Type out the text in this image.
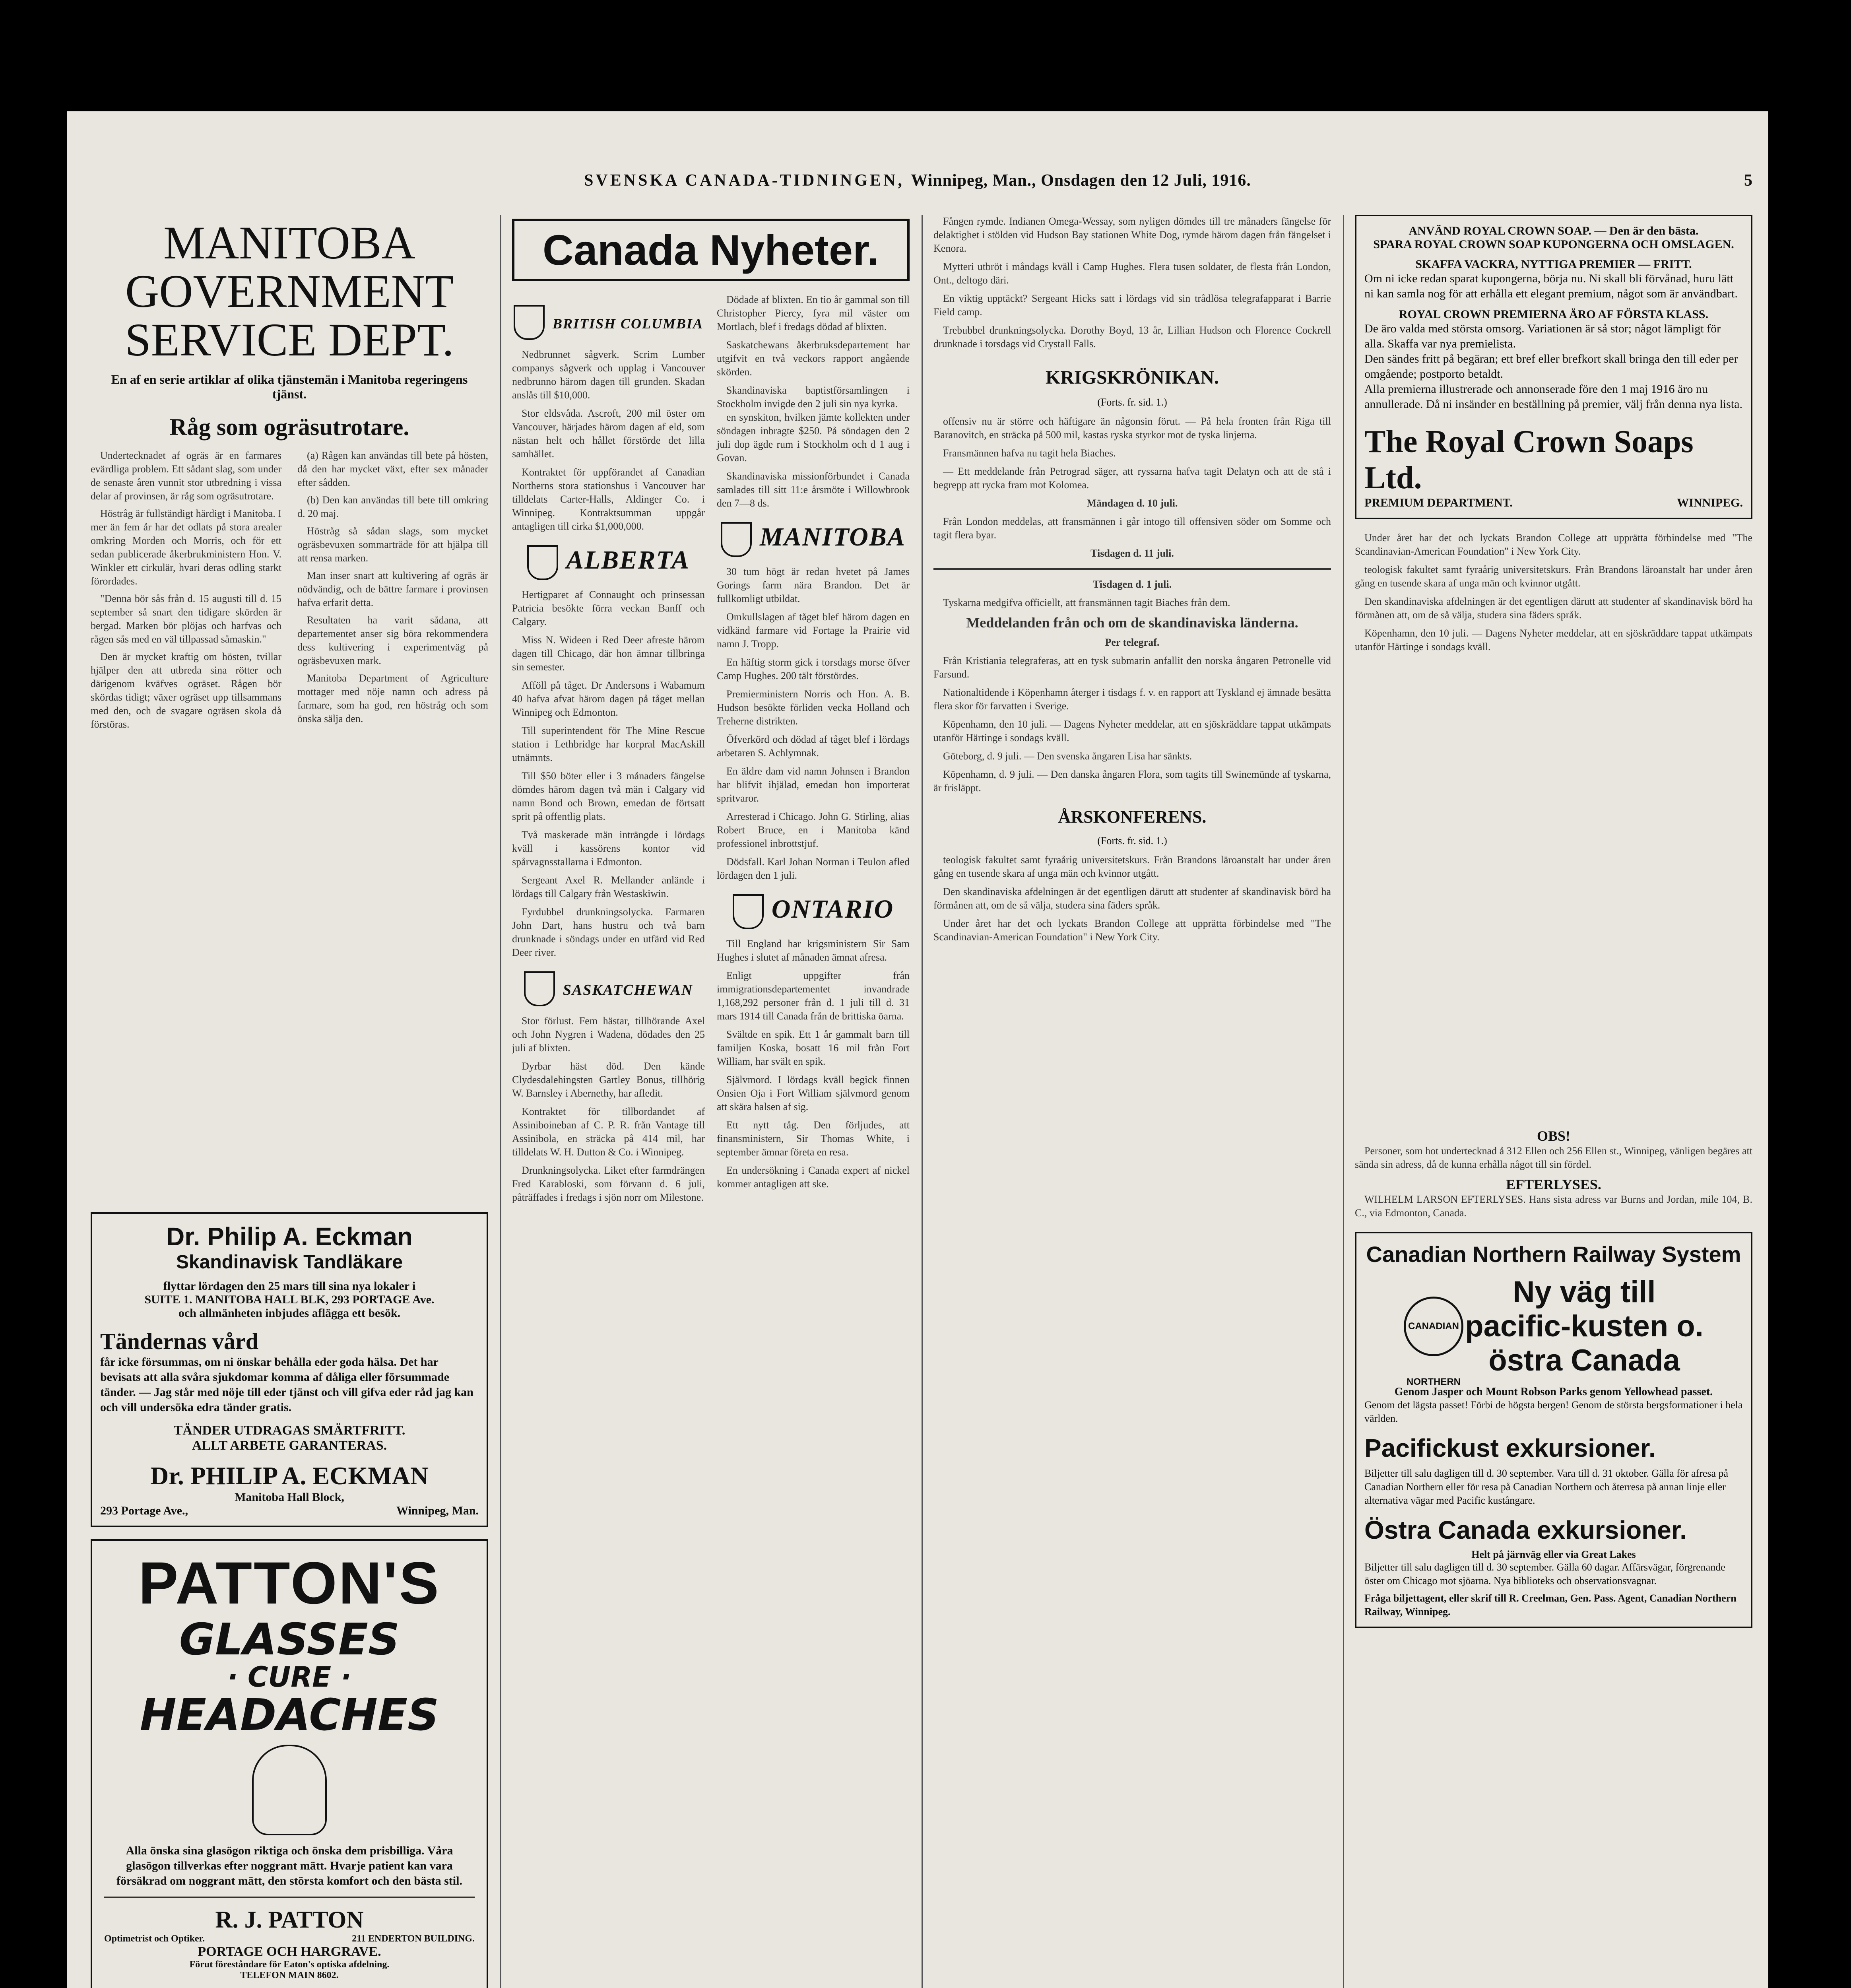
SVENSKA CANADA-TIDNINGEN, Winnipeg, Man., Onsdagen den 12 Juli, 1916.	5
MANITOBA
GOVERNMENT
SERVICE DEPT.
En af en serie artiklar af olika tjänstemän i Manitoba regeringens tjänst.
Råg som ogräsutrotare.

Undertecknadet af ogräs är en farmares evärdliga problem. Ett sådant slag, som under de senaste åren vunnit stor utbredning i vissa delar af provinsen, är råg som ogräsutrotare.

Höstråg är fullständigt härdigt i Manitoba. I mer än fem år har det odlats på stora arealer omkring Morden och Morris, och för ett sedan publicerade åkerbrukministern Hon. V. Winkler ett cirkulär, hvari deras odling starkt förordades.

"Denna bör sås från d. 15 augusti till d. 15 september så snart den tidigare skörden är bergad. Marken bör plöjas och harfvas och rågen sås med en väl tillpassad såmaskin."

Den är mycket kraftig om hösten, tvillar hjälper den att utbreda sina rötter och därigenom kväfves ogräset. Rågen bör skördas tidigt; växer ogräset upp tillsammans med den, och de svagare ogräsen skola då förstöras.

(a) Rågen kan användas till bete på hösten, då den har mycket växt, efter sex månader efter sådden.

(b) Den kan användas till bete till omkring d. 20 maj.

Höstråg så sådan slags, som mycket ogräsbevuxen sommarträde för att hjälpa till att rensa marken.

Man inser snart att kultivering af ogräs är nödvändig, och de bättre farmare i provinsen hafva erfarit detta.

Resultaten ha varit sådana, att departementet anser sig böra rekommendera dess kultivering i experimentväg på ogräsbevuxen mark.

Manitoba Department of Agriculture mottager med nöje namn och adress på farmare, som ha god, ren höstråg och som önska sälja den.

Dr. Philip A. Eckman
Skandinavisk Tandläkare
flyttar lördagen den 25 mars till sina nya lokaler i
SUITE 1. MANITOBA HALL BLK, 293 PORTAGE Ave.
och allmänheten inbjudes afläggа ett besök.
Tändernas vård
får icke försummas, om ni önskar behålla eder goda hälsa. Det har bevisats att alla svåra sjukdomar komma af dåliga eller försummade tänder. — Jag står med nöje till eder tjänst och vill gifva eder råd jag kan och vill undersöka edra tänder gratis.
TÄNDER UTDRAGAS SMÄRTFRITT.
ALLT ARBETE GARANTERAS.
Dr. PHILIP A. ECKMAN
Manitoba Hall Block,
293 Portage Ave.,	Winnipeg, Man.
PATTON'S
GLASSES
· CURE ·
HEADACHES
Alla önska sina glasögon riktiga och önska dem prisbilliga. Våra glasögon tillverkas efter noggrant mätt. Hvarje patient kan vara försäkrad om noggrant mätt, den största komfort och den bästa stil.
R. J. PATTON
Optimetrist och Optiker.	211 ENDERTON BUILDING.
PORTAGE OCH HARGRAVE.
Förut föreståndare för Eaton's optiska afdelning.
TELEFON MAIN 8602.
Canada Nyheter.
BRITISH COLUMBIA

Nedbrunnet sågverk. Scrim Lumber companys sågverk och upplag i Vancouver nedbrunno härom dagen till grunden. Skadan anslås till $10,000.

Stor eldsvåda. Ascroft, 200 mil öster om Vancouver, härjades härom dagen af eld, som nästan helt och hållet förstörde det lilla samhället.

Kontraktet för uppförandet af Canadian Northerns stora stationshus i Vancouver har tilldelats Carter-Halls, Aldinger Co. i Winnipeg. Kontraktsumman uppgår antagligen till cirka $1,000,000.

ALBERTA

Hertigparet af Connaught och prinsessan Patricia besökte förra veckan Banff och Calgary.

Miss N. Wideen i Red Deer afreste härom dagen till Chicago, där hon ämnar tillbringa sin semester.

Afföll på tåget. Dr Andersons i Wabamum 40 hafva afvat härom dagen på tåget mellan Winnipeg och Edmonton.

Till superintendent för The Mine Rescue station i Lethbridge har korpral MacAskill utnämnts.

Till $50 böter eller i 3 månaders fängelse dömdes härom dagen två män i Calgary vid namn Bond och Brown, emedan de förtsatt sprit på offentlig plats.

Två maskerade män inträngde i lördags kväll i kassörens kontor vid spårvagnsstallarna i Edmonton.

Sergeant Axel R. Mellander anlände i lördags till Calgary från Westaskiwin.

Fyrdubbel drunkningsolycka. Farmaren John Dart, hans hustru och två barn drunknade i söndags under en utfärd vid Red Deer river.

SASKATCHEWAN

Stor förlust. Fem hästar, tillhörande Axel och John Nygren i Wadena, dödades den 25 juli af blixten.

Dyrbar häst död. Den kände Clydesdalehingsten Gartley Bonus, tillhörig W. Barnsley i Abernethy, har afledit.

Kontraktet för tillbordandet af Assiniboineban af C. P. R. från Vantage till Assinibola, en sträcka på 414 mil, har tilldelats W. H. Dutton & Co. i Winnipeg.

Drunkningsolycka. Liket efter farmdrängen Fred Karabloski, som förvann d. 6 juli, påträffades i fredags i sjön norr om Milestone.

Dödade af blixten. En tio år gammal son till Christopher Piercy, fyra mil väster om Mortlach, blef i fredags dödad af blixten.

Saskatchewans åkerbruksdepartement har utgifvit en två veckors rapport angående skörden.

Skandinaviska baptistförsamlingen i Stockholm invigde den 2 juli sin nya kyrka.

en synskiton, hvilken jämte kollekten under söndagen inbragte $250. På söndagen den 2 juli dop ägde rum i Stockholm och d 1 aug i Govan.

Skandinaviska missionförbundet i Canada samlades till sitt 11:e årsmöte i Willowbrook den 7—8 ds.

MANITOBA

30 tum högt är redan hvetet på James Gorings farm nära Brandon. Det är fullkomligt utbildat.

Omkullslagen af tåget blef härom dagen en vidkänd farmare vid Fortage la Prairie vid namn J. Tropp.

En häftig storm gick i torsdags morse öfver Camp Hughes. 200 tält förstördes.

Premierministern Norris och Hon. A. B. Hudson besökte förliden vecka Holland och Treherne distrikten.

Öfverkörd och dödad af tåget blef i lördags arbetaren S. Achlymnak.

En äldre dam vid namn Johnsen i Brandon har blifvit ihjälad, emedan hon importerat spritvaror.

Arresterad i Chicago. John G. Stirling, alias Robert Bruce, en i Manitoba känd professionel inbrottstjuf.

Dödsfall. Karl Johan Norman i Teulon afled lördagen den 1 juli.

ONTARIO

Till England har krigsministern Sir Sam Hughes i slutet af månaden ämnat afresa.

Enligt uppgifter från immigrationsdepartementet invandrade 1,168,292 personer från d. 1 juli till d. 31 mars 1914 till Canada från de brittiska öarna.

Svältde en spik. Ett 1 år gammalt barn till familjen Koska, bosatt 16 mil från Fort William, har svält en spik.

Självmord. I lördags kväll begick finnen Onsien Oja i Fort William självmord genom att skära halsen af sig.

Ett nytt tåg. Den förljudes, att finansministern, Sir Thomas White, i september ämnar företa en resa.

En undersökning i Canada expert af nickel kommer antagligen att ske.

Fången rymde. Indianen Omega-Wessay, som nyligen dömdes till tre månaders fängelse för delaktighet i stölden vid Hudson Bay stationen White Dog, rymde härom dagen från fängelset i Kenora.

Mytteri utbröt i måndags kväll i Camp Hughes. Flera tusen soldater, de flesta från London, Ont., deltogo däri.

En viktig upptäckt? Sergeant Hicks satt i lördags vid sin trådlösa telegrafapparat i Barrie Field camp.

Trebubbel drunkningsolycka. Dorothy Boyd, 13 år, Lillian Hudson och Florence Cockrell drunknade i torsdags vid Crystall Falls.

KRIGSKRÖNIKAN.
(Forts. fr. sid. 1.)

offensiv nu är större och häftigare än någonsin förut. — På hela fronten från Rigа till Baranovitch, en sträcka på 500 mil, kastas ryska styrkor mot de tyska linjerna.

Fransmännen hafva nu tagit hela Biaches.

— Ett meddelande från Petrograd säger, att ryssarna hafva tagit Delatyn och att de stå i begrepp att rycka fram mot Kolomea.

Mändagen d. 10 juli.

Från London meddelas, att fransmännen i går intogo till offensiven söder om Somme och tagit flera byar.

Tisdagen d. 11 juli.

Tisdagen d. 1 juli.

Tyskarna medgifva officiellt, att fransmännen tagit Biaches från dem.

Meddelanden från och om de skandinaviska länderna.

Per telegraf.

Från Kristiania telegraferas, att en tysk submarin anfallit den norska ångaren Petronelle vid Farsund.

Nationaltidende i Köpenhamn återger i tisdags f. v. en rapport att Tyskland ej ämnade besätta flera skor för farvatten i Sverige.

Köpenhamn, den 10 juli. — Dagens Nyheter meddelar, att en sjöskräddare tappat utkämpats utanför Härtinge i sondags kväll.

Göteborg, d. 9 juli. — Den svenska ångaren Lisa har sänkts.

Köpenhamn, d. 9 juli. — Den danska ångaren Flora, som tagits till Swinemünde af tyskarna, är frisläppt.

ÅRSKONFERENS.
(Forts. fr. sid. 1.)

teologisk fakultet samt fyraårig universitetskurs. Från Brandons läroanstalt har under åren gång en tusende skara af unga män och kvinnor utgått.

Den skandinaviska afdelningen är det egentligen därutt att studenter af skandinavisk börd ha förmånen att, om de så välja, studera sina fäders språk.

Under året har det och lyckats Brandon College att upprätta förbindelse med "The Scandinavian-American Foundation" i New York City.

ANVÄND ROYAL CROWN SOAP. — Den är den bästa.
SPARA ROYAL CROWN SOAP KUPONGERNA OCH OMSLAGEN.
SKAFFA VACKRA, NYTTIGA PREMIER — FRITT.
Om ni icke redan sparat kupongerna, börja nu. Ni skall bli förvånad, huru lätt ni kan samla nog för att erhålla ett elegant premium, något som är användbart.
ROYAL CROWN PREMIERNA ÄRO AF FÖRSTA KLASS.
De äro valda med största omsorg. Variationen är så stor; något lämpligt för alla. Skaffa var nya premielista.
Den sändes fritt på begäran; ett bref eller brefkort skall bringa den till eder per omgående; postporto betaldt.
Alla premierna illustrerade och annonserade före den 1 maj 1916 äro nu annullerade. Då ni insänder en beställning på premier, välj från denna nya lista.
The Royal Crown Soaps Ltd.
PREMIUM DEPARTMENT.	WINNIPEG.

Under året har det och lyckats Brandon College att upprätta förbindelse med "The Scandinavian-American Foundation" i New York City.

teologisk fakultet samt fyraårig universitetskurs. Från Brandons läroanstalt har under åren gång en tusende skara af unga män och kvinnor utgått.

Den skandinaviska afdelningen är det egentligen därutt att studenter af skandinavisk börd ha förmånen att, om de så välja, studera sina fäders språk.

Köpenhamn, den 10 juli. — Dagens Nyheter meddelar, att en sjöskräddare tappat utkämpats utanför Härtinge i sondags kväll.

OBS!

Personer, som hot undertecknad å 312 Ellen och 256 Ellen st., Winnipeg, vänligen begäres att sända sin adress, då de kunna erhålla något till sin fördel.

EFTERLYSES.

WILHELM LARSON EFTERLYSES. Hans sista adress var Burns and Jordan, mile 104, B. C., via Edmonton, Canada.

Canadian Northern Railway System
CANADIAN NORTHERN Ny väg till pacific-kusten o. östra Canada
Genom Jasper och Mount Robson Parks genom Yellowhead passet.
Genom det lägsta passet! Förbi de högsta bergen! Genom de största bergsformationer i hela världen.
Pacifickust exkursioner.
Biljetter till salu dagligen till d. 30 september. Vara till d. 31 oktober. Gälla för afresa på Canadian Northern eller för resa på Canadian Northern och återresa på annan linje eller alternativa vägar med Pacific kustångare.
Östra Canada exkursioner.
Helt på järnväg eller via Great Lakes
Biljetter till salu dagligen till d. 30 september. Gälla 60 dagar. Affärsvägar, förgrenande öster om Chicago mot sjöarna. Nya biblioteks och observationsvagnar.
Fråga biljettagent, eller skrif till R. Creelman, Gen. Pass. Agent, Canadian Northern Railway, Winnipeg.
